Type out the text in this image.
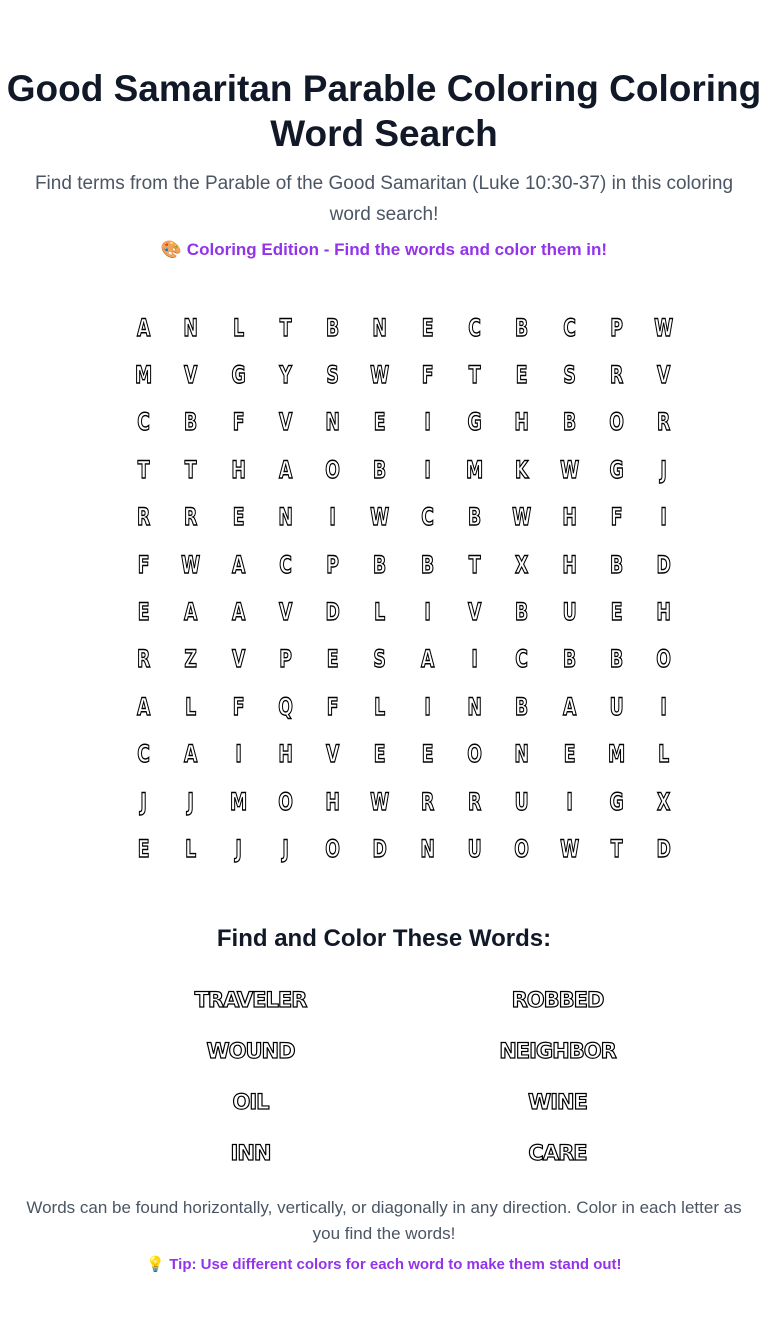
Good Samaritan Parable Coloring Coloring Word Search
Find terms from the Parable of the Good Samaritan (Luke 10:30-37) in this coloring word search!
🎨 Coloring Edition - Find the words and color them in!
A	N	L	T	B	N	E	C	B	C	P	W
M	V	G	Y	S	W	F	T	E	S	R	V
C	B	F	V	N	E	I	G	H	B	O	R
T	T	H	A	O	B	I	M	K	W	G	J
R	R	E	N	I	W	C	B	W	H	F	I
F	W	A	C	P	B	B	T	X	H	B	D
E	A	A	V	D	L	I	V	B	U	E	H
R	Z	V	P	E	S	A	I	C	B	B	O
A	L	F	Q	F	L	I	N	B	A	U	I
C	A	I	H	V	E	E	O	N	E	M	L
J	J	M	O	H	W	R	R	U	I	G	X
E	L	J	J	O	D	N	U	O	W	T	D
Find and Color These Words:
TRAVELER	ROBBED
WOUND	NEIGHBOR
OIL	WINE
INN	CARE
Words can be found horizontally, vertically, or diagonally in any direction. Color in each letter as you find the words!
💡 Tip: Use different colors for each word to make them stand out!
